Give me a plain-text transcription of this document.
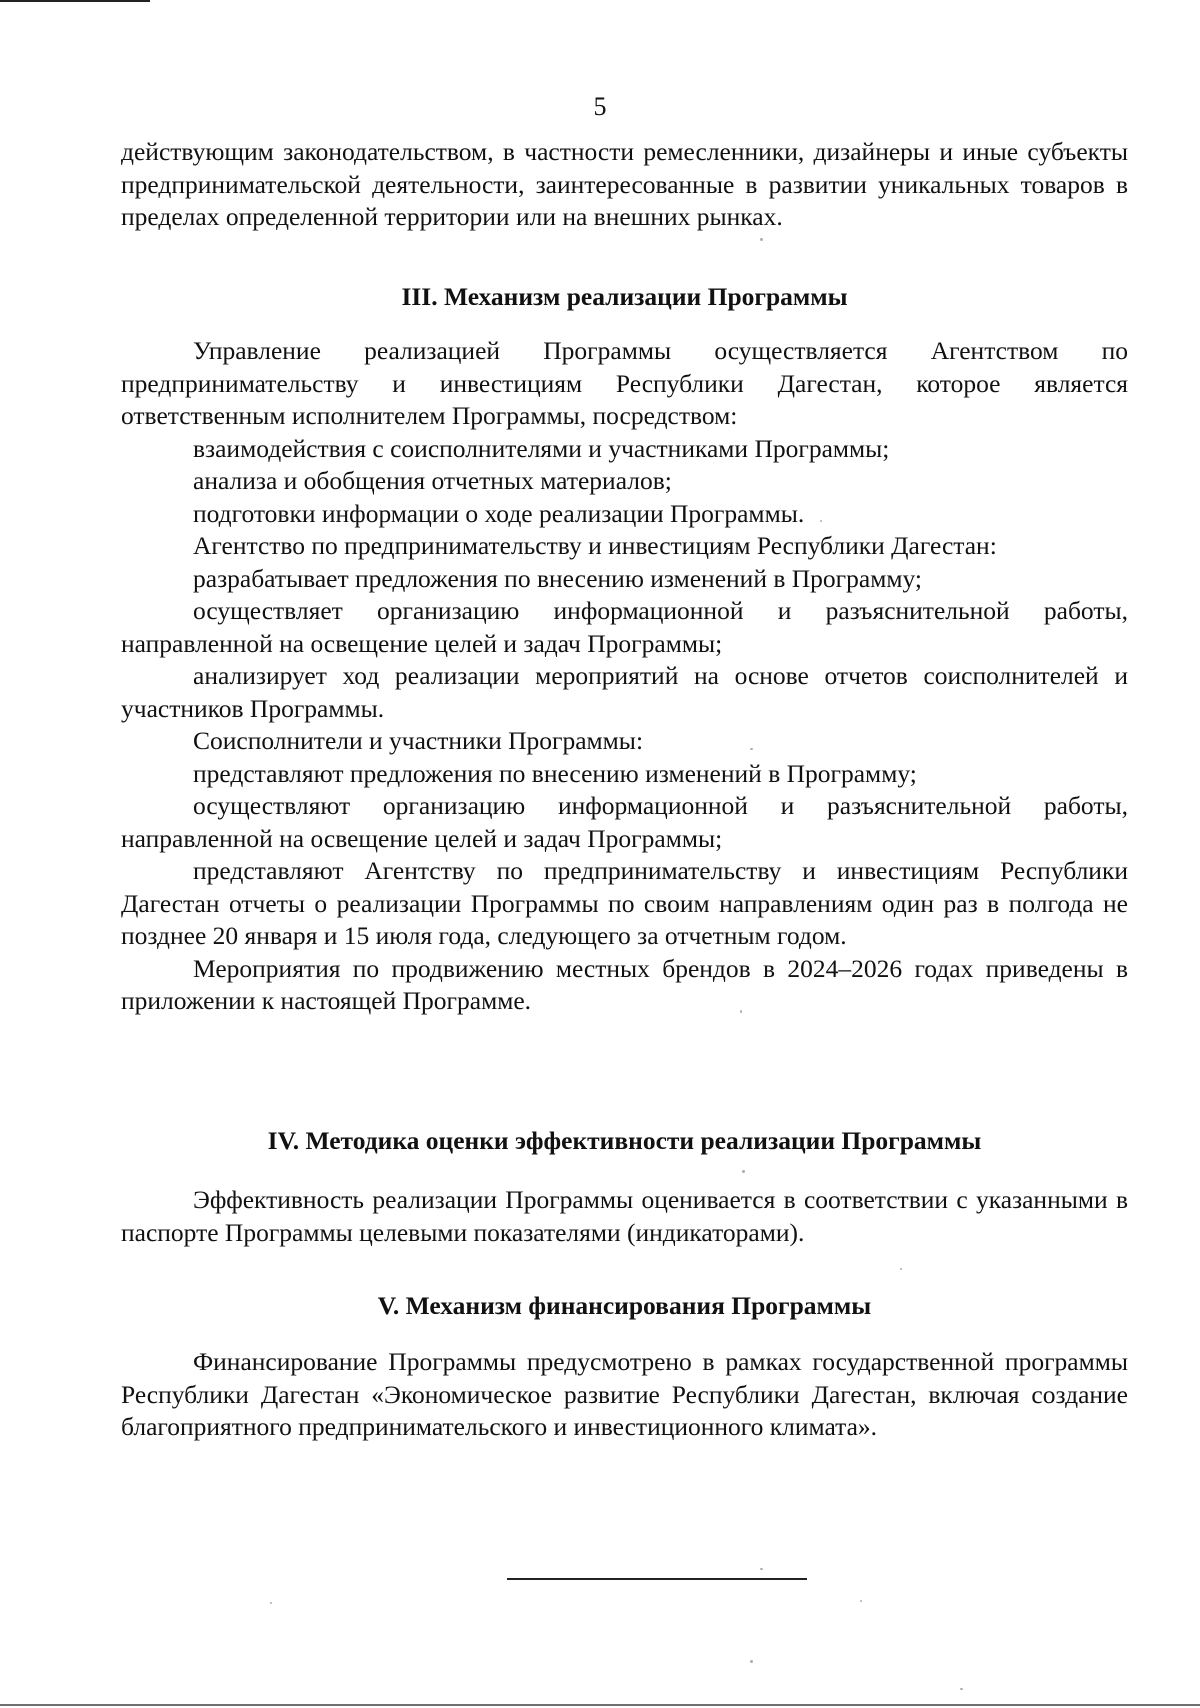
5

действующим законодательством, в частности ремесленники, дизайнеры и иные субъекты предпринимательской деятельности, заинтересованные в развитии уникальных товаров в пределах определенной территории или на внешних рынках.

III. Механизм реализации Программы

Управление реализацией Программы осуществляется Агентством по предпринимательству и инвестициям Республики Дагестан, которое является ответственным исполнителем Программы, посредством:

взаимодействия с соисполнителями и участниками Программы;

анализа и обобщения отчетных материалов;

подготовки информации о ходе реализации Программы.

Агентство по предпринимательству и инвестициям Республики Дагестан:

разрабатывает предложения по внесению изменений в Программу;

осуществляет организацию информационной и разъяснительной работы, направленной на освещение целей и задач Программы;

анализирует ход реализации мероприятий на основе отчетов соисполнителей и участников Программы.

Соисполнители и участники Программы:

представляют предложения по внесению изменений в Программу;

осуществляют организацию информационной и разъяснительной работы, направленной на освещение целей и задач Программы;

представляют Агентству по предпринимательству и инвестициям Республики Дагестан отчеты о реализации Программы по своим направлениям один раз в полгода не позднее 20 января и 15 июля года, следующего за отчетным годом.

Мероприятия по продвижению местных брендов в 2024–2026 годах приведены в приложении к настоящей Программе.

IV. Методика оценки эффективности реализации Программы

Эффективность реализации Программы оценивается в соответствии с указанными в паспорте Программы целевыми показателями (индикаторами).

V. Механизм финансирования Программы

Финансирование Программы предусмотрено в рамках государственной программы Республики Дагестан «Экономическое развитие Республики Дагестан, включая создание благоприятного предпринимательского и инвестиционного климата».
